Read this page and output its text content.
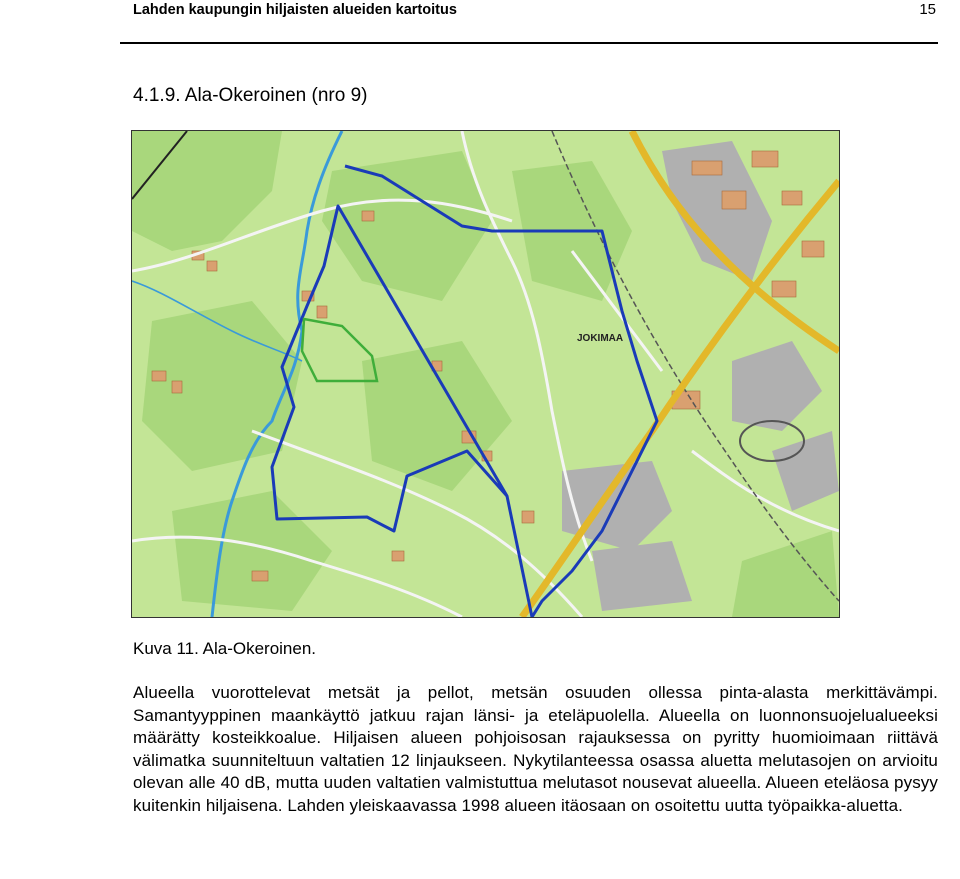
Lahden kaupungin hiljaisten alueiden kartoitus	15
4.1.9. Ala-Okeroinen (nro 9)
JOKIMAA
Kuva 11. Ala-Okeroinen.
Alueella vuorottelevat metsät ja pellot, metsän osuuden ollessa pinta-alasta merkittävämpi. Samantyyppinen maankäyttö jatkuu rajan länsi- ja eteläpuolella. Alueella on luonnonsuojelualueeksi määrätty kosteikkoalue. Hiljaisen alueen pohjoisosan rajauksessa on pyritty huomioimaan riittävä välimatka suunniteltuun valtatien 12 linjaukseen. Nykytilanteessa osassa aluetta melutasojen on arvioitu olevan alle 40 dB, mutta uuden valtatien valmistuttua melutasot nousevat alueella. Alueen eteläosa pysyy kuitenkin hiljaisena. Lahden yleiskaavassa 1998 alueen itäosaan on osoitettu uutta työpaikka-aluetta.
